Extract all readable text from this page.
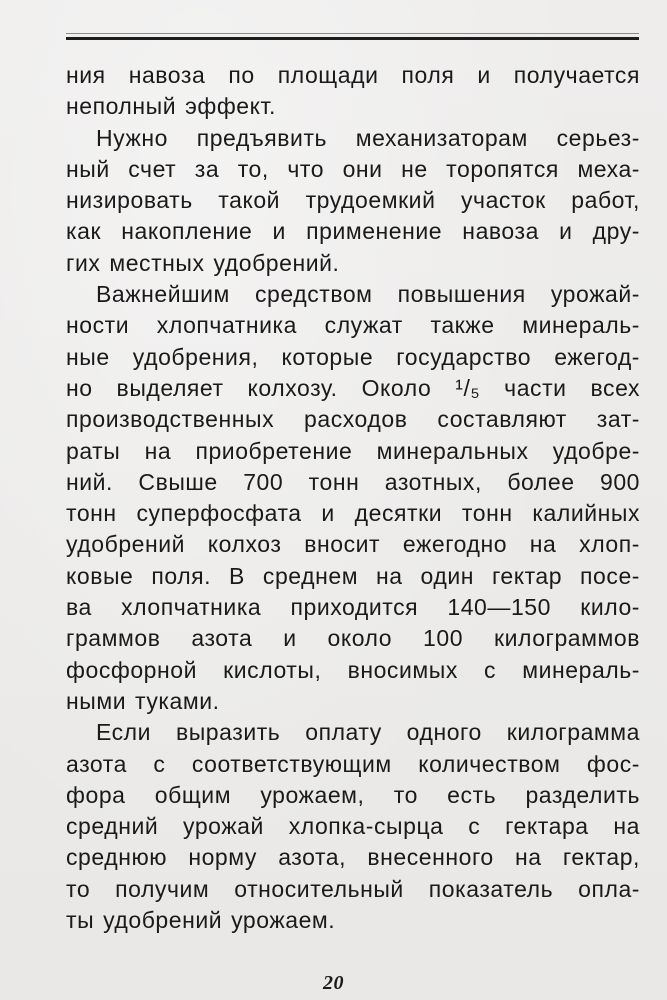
ния навоза по площади поля и получается
неполный эффект.
Нужно предъявить механизаторам серьез-
ный счет за то, что они не торопятся меха-
низировать такой трудоемкий участок работ,
как накопление и применение навоза и дру-
гих местных удобрений.
Важнейшим средством повышения урожай-
ности хлопчатника служат также минераль-
ные удобрения, которые государство ежегод-
но выделяет колхозу. Около ¹/₅ части всех
производственных расходов составляют зат-
раты на приобретение минеральных удобре-
ний. Свыше 700 тонн азотных, более 900
тонн суперфосфата и десятки тонн калийных
удобрений колхоз вносит ежегодно на хлоп-
ковые поля. В среднем на один гектар посе-
ва хлопчатника приходится 140—150 кило-
граммов азота и около 100 килограммов
фосфорной кислоты, вносимых с минераль-
ными туками.
Если выразить оплату одного килограмма
азота с соответствующим количеством фос-
фора общим урожаем, то есть разделить
средний урожай хлопка-сырца с гектара на
среднюю норму азота, внесенного на гектар,
то получим относительный показатель опла-
ты удобрений урожаем.
20
